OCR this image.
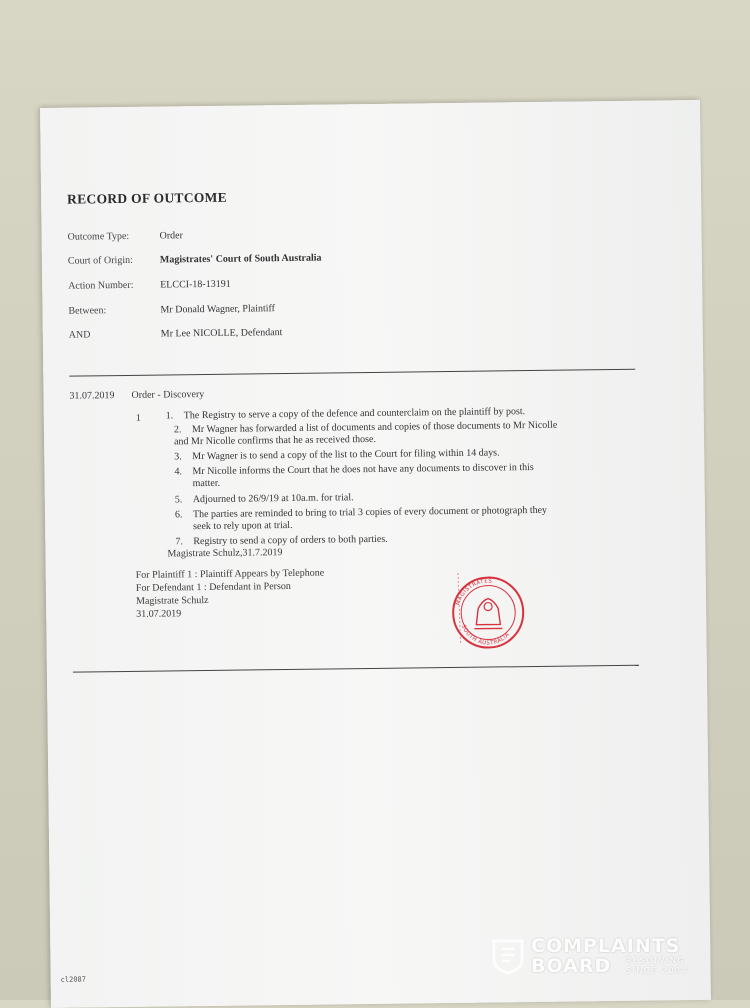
RECORD OF OUTCOME
Outcome Type:	Order
Court of Origin:	Magistrates' Court of South Australia
Action Number:	ELCCI-18-13191
Between:	Mr Donald Wagner, Plaintiff
AND	Mr Lee NICOLLE, Defendant
31.07.2019 Order - Discovery
1 1. The Registry to serve a copy of the defence and counterclaim on the plaintiff by post.
2. Mr Wagner has forwarded a list of documents and copies of those documents to Mr Nicolle
and Mr Nicolle confirms that he as received those.
3. Mr Wagner is to send a copy of the list to the Court for filing within 14 days.
4. Mr Nicolle informs the Court that he does not have any documents to discover in this
matter.
5. Adjourned to 26/9/19 at 10a.m. for trial.
6. The parties are reminded to bring to trial 3 copies of every document or photograph they
seek to rely upon at trial.
7. Registry to send a copy of orders to both parties.
Magistrate Schulz,31.7.2019
For Plaintiff 1 : Plaintiff Appears by Telephone
For Defendant 1 : Defendant in Person
Magistrate Schulz
31.07.2019
MAGISTRATES
SOUTH AUSTRALIA
cl2087
COMPLAINTS
BOARD RESOLVING
SINCE 2004
